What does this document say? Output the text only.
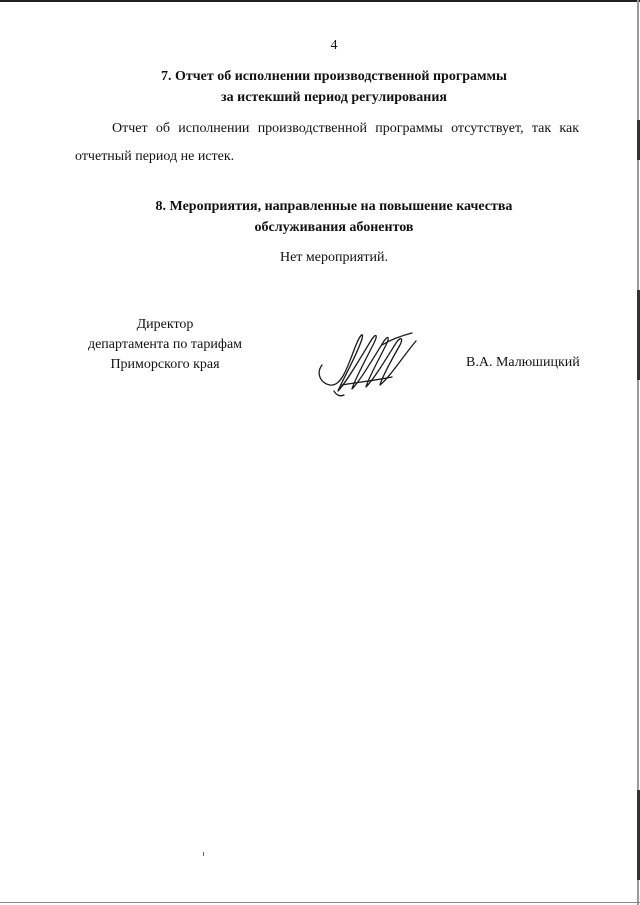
4
7. Отчет об исполнении производственной программы
за истекший период регулирования
Отчет об исполнении производственной программы отсутствует, так как отчетный период не истек.
8. Мероприятия, направленные на повышение качества
обслуживания абонентов
Нет мероприятий.
Директор
департамента по тарифам
Приморского края	В.А. Малюшицкий
